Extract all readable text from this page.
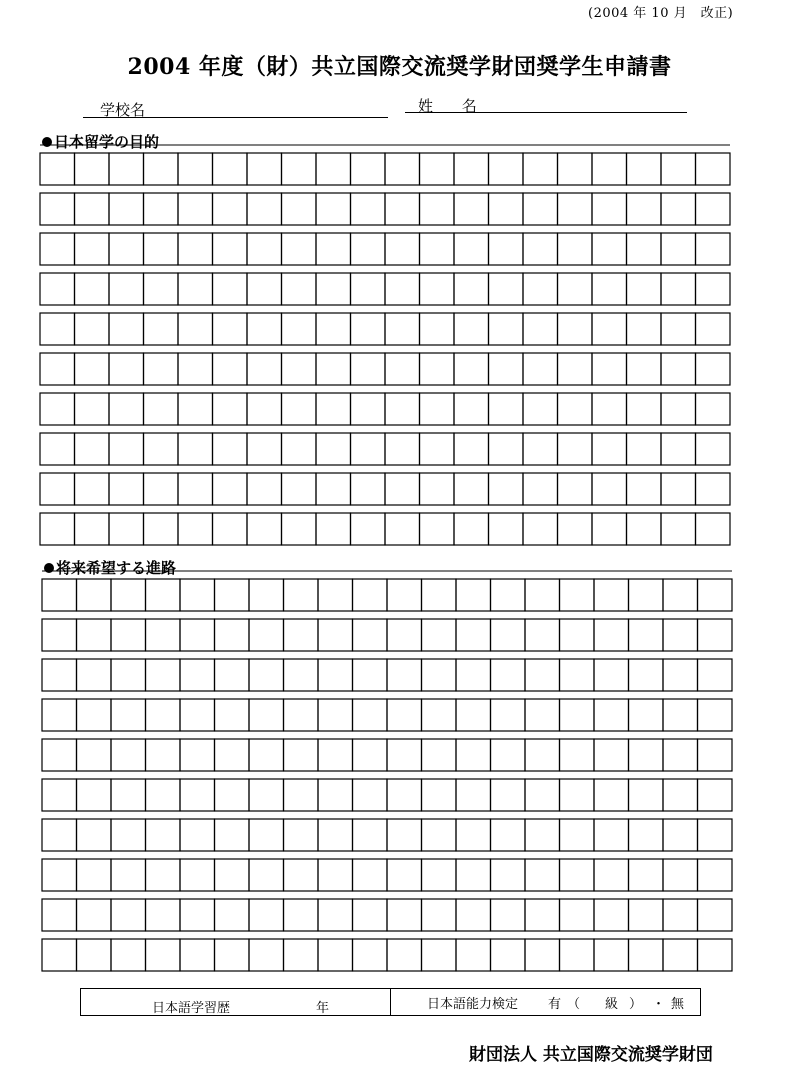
(2004 年 10 月　改正)
2004 年度（財）共立国際交流奨学財団奨学生申請書
学校名	姓 名
日本留学の目的
将来希望する進路
日本語学習歴	年	日本語能力検定 有 （ 級 ） ・ 無
財団法人 共立国際交流奨学財団
